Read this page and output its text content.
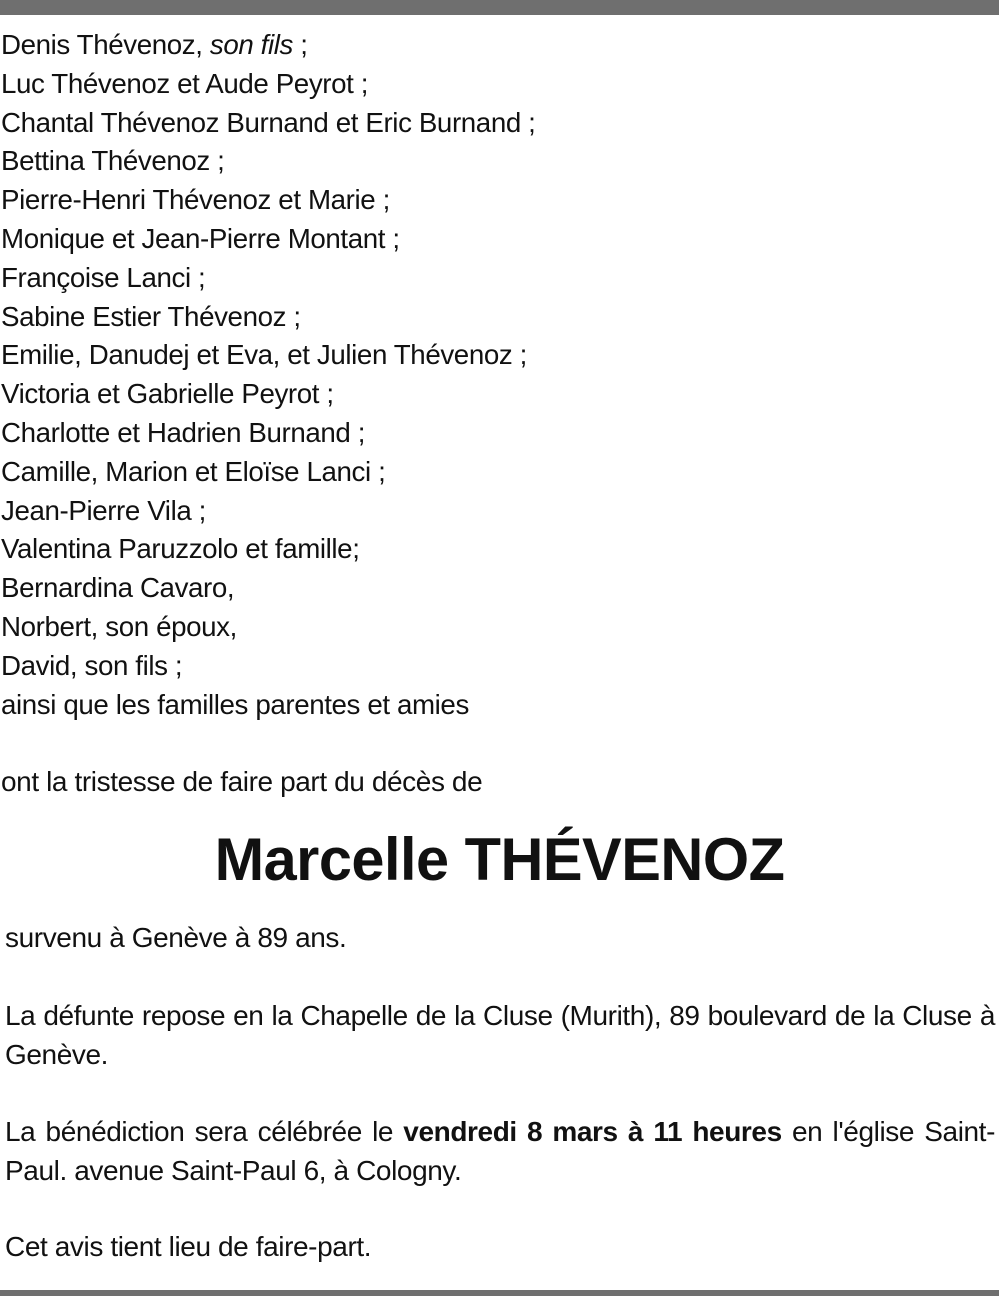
Denis Thévenoz, son fils ;
Luc Thévenoz et Aude Peyrot ;
Chantal Thévenoz Burnand et Eric Burnand ;
Bettina Thévenoz ;
Pierre-Henri Thévenoz et Marie ;
Monique et Jean-Pierre Montant ;
Françoise Lanci ;
Sabine Estier Thévenoz ;
Emilie, Danudej et Eva, et Julien Thévenoz ;
Victoria et Gabrielle Peyrot ;
Charlotte et Hadrien Burnand ;
Camille, Marion et Eloïse Lanci ;
Jean-Pierre Vila ;
Valentina Paruzzolo et famille;
Bernardina Cavaro,
Norbert, son époux,
David, son fils ;
ainsi que les familles parentes et amies
ont la tristesse de faire part du décès de
Marcelle THÉVENOZ
survenu à Genève à 89 ans.
La défunte repose en la Chapelle de la Cluse (Murith), 89 boulevard de la Cluse à Genève.
La bénédiction sera célébrée le vendredi 8 mars à 11 heures en l'église Saint-Paul. avenue Saint-Paul 6, à Cologny.
Cet avis tient lieu de faire-part.
